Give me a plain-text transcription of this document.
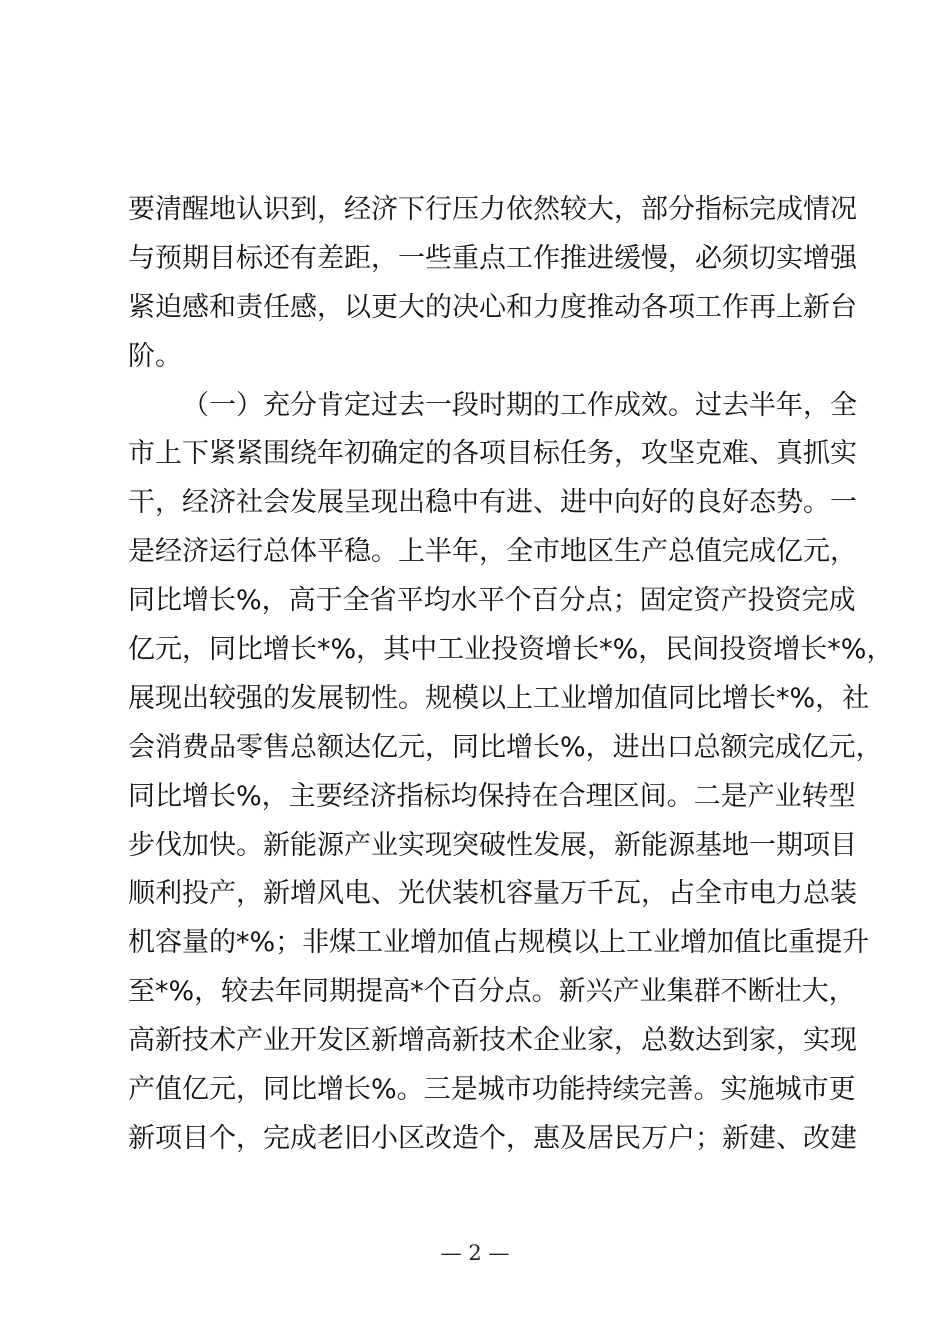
要清醒地认识到，经济下行压力依然较大，部分指标完成情况
与预期目标还有差距，一些重点工作推进缓慢，必须切实增强
紧迫感和责任感，以更大的决心和力度推动各项工作再上新台
阶。
（一）充分肯定过去一段时期的工作成效。过去半年，全
市上下紧紧围绕年初确定的各项目标任务，攻坚克难、真抓实
干，经济社会发展呈现出稳中有进、进中向好的良好态势。一
是经济运行总体平稳。上半年，全市地区生产总值完成亿元，
同比增长%，高于全省平均水平个百分点；固定资产投资完成
亿元，同比增长*%，其中工业投资增长*%，民间投资增长*%，
展现出较强的发展韧性。规模以上工业增加值同比增长*%，社
会消费品零售总额达亿元，同比增长%，进出口总额完成亿元，
同比增长%，主要经济指标均保持在合理区间。二是产业转型
步伐加快。新能源产业实现突破性发展，新能源基地一期项目
顺利投产，新增风电、光伏装机容量万千瓦，占全市电力总装
机容量的*%；非煤工业增加值占规模以上工业增加值比重提升
至*%，较去年同期提高*个百分点。新兴产业集群不断壮大，
高新技术产业开发区新增高新技术企业家，总数达到家，实现
产值亿元，同比增长%。三是城市功能持续完善。实施城市更
新项目个，完成老旧小区改造个，惠及居民万户；新建、改建
— 2 —
